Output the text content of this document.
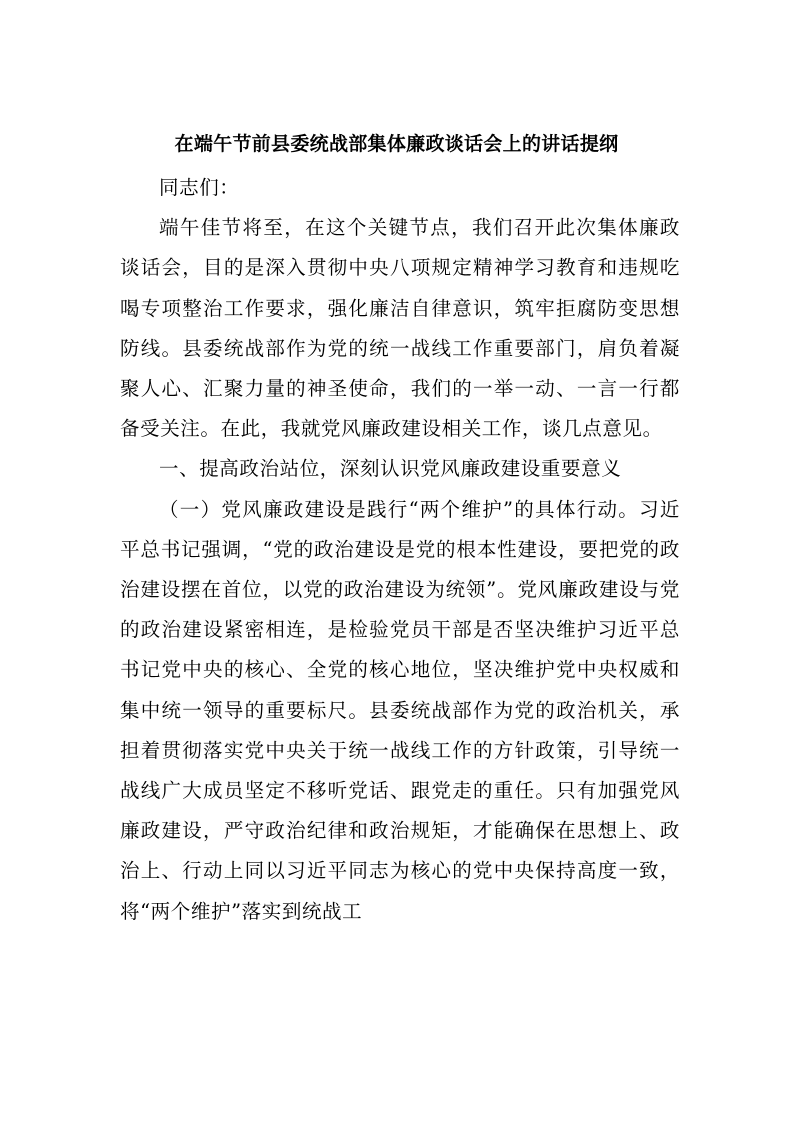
在端午节前县委统战部集体廉政谈话会上的讲话提纲

同志们：

端午佳节将至，在这个关键节点，我们召开此次集体廉政谈话会，目的是深入贯彻中央八项规定精神学习教育和违规吃喝专项整治工作要求，强化廉洁自律意识，筑牢拒腐防变思想防线。县委统战部作为党的统一战线工作重要部门，肩负着凝聚人心、汇聚力量的神圣使命，我们的一举一动、一言一行都备受关注。在此，我就党风廉政建设相关工作，谈几点意见。

一、提高政治站位，深刻认识党风廉政建设重要意义

（一）党风廉政建设是践行“两个维护”的具体行动。习近平总书记强调，“党的政治建设是党的根本性建设，要把党的政治建设摆在首位，以党的政治建设为统领”。党风廉政建设与党的政治建设紧密相连，是检验党员干部是否坚决维护习近平总书记党中央的核心、全党的核心地位，坚决维护党中央权威和集中统一领导的重要标尺。县委统战部作为党的政治机关，承担着贯彻落实党中央关于统一战线工作的方针政策，引导统一战线广大成员坚定不移听党话、跟党走的重任。只有加强党风廉政建设，严守政治纪律和政治规矩，才能确保在思想上、政治上、行动上同以习近平同志为核心的党中央保持高度一致，将“两个维护”落实到统战工
